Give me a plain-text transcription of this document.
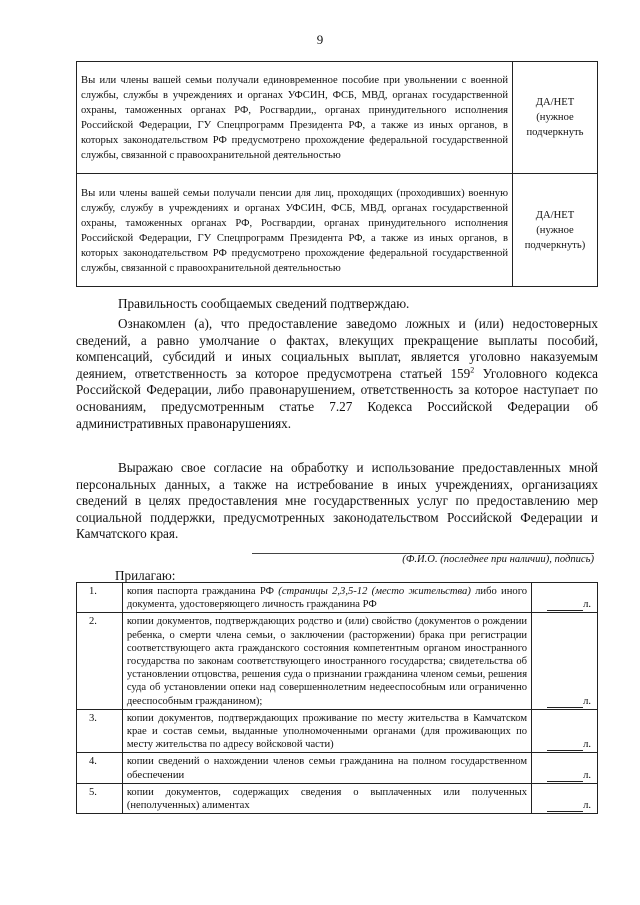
9
Вы или члены вашей семьи получали единовременное пособие при увольнении с военной службы, службы в учреждениях и органах УФСИН, ФСБ, МВД, органах государственной охраны, таможенных органах РФ, Росгвардии,, органах принудительного исполнения Российской Федерации, ГУ Спецпрограмм Президента РФ, а также из иных органов, в которых законодательством РФ предусмотрено прохождение федеральной государственной службы, связанной с правоохранительной деятельностью	ДА/НЕТ
(нужное подчеркнуть

Вы или члены вашей семьи получали пенсии для лиц, проходящих (проходивших) военную службу, службу в учреждениях и органах УФСИН, ФСБ, МВД, органах государственной охраны, таможенных органах РФ, Росгвардии, органах принудительного исполнения Российской Федерации, ГУ Спецпрограмм Президента РФ, а также из иных органов, в которых законодательством РФ предусмотрено прохождение федеральной государственной службы, связанной с правоохранительной деятельностью	ДА/НЕТ
(нужное подчеркнуть)
Правильность сообщаемых сведений подтверждаю.
Ознакомлен (а), что предоставление заведомо ложных и (или) недостоверных сведений, а равно умолчание о фактах, влекущих прекращение выплаты пособий, компенсаций, субсидий и иных социальных выплат, является уголовно наказуемым деянием, ответственность за которое предусмотрена статьей $159^2$ Уголовного кодекса Российской Федерации, либо правонарушением, ответственность за которое наступает по основаниям, предусмотренным статье 7.27 Кодекса Российской Федерации об административных правонарушениях.
Выражаю свое согласие на обработку и использование предоставленных мной персональных данных, а также на истребование в иных учреждениях, организациях сведений в целях предоставления мне государственных услуг по предоставлению мер социальной поддержки, предусмотренных законодательством Российской Федерации и Камчатского края.
(Ф.И.О. (последнее при наличии), подпись)
Прилагаю:
1.	копия паспорта гражданина РФ (страницы 2,3,5-12 (место жительства) либо иного документа, удостоверяющего личность гражданина РФ	л.
2.	копии документов, подтверждающих родство и (или) свойство (документов о рождении ребенка, о смерти члена семьи, о заключении (расторжении) брака при регистрации соответствующего акта гражданского состояния компетентным органом иностранного государства по законам соответствующего иностранного государства; свидетельства об установлении отцовства, решения суда о признании гражданина членом семьи, решения суда об установлении опеки над совершеннолетним недееспособным или ограниченно дееспособным гражданином);	л.
3.	копии документов, подтверждающих проживание по месту жительства в Камчатском крае и состав семьи, выданные уполномоченными органами (для проживающих по месту жительства по адресу войсковой части)	л.
4.	копии сведений о нахождении членов семьи гражданина на полном государственном обеспечении	л.
5.	копии документов, содержащих сведения о выплаченных или полученных (неполученных) алиментах	л.
